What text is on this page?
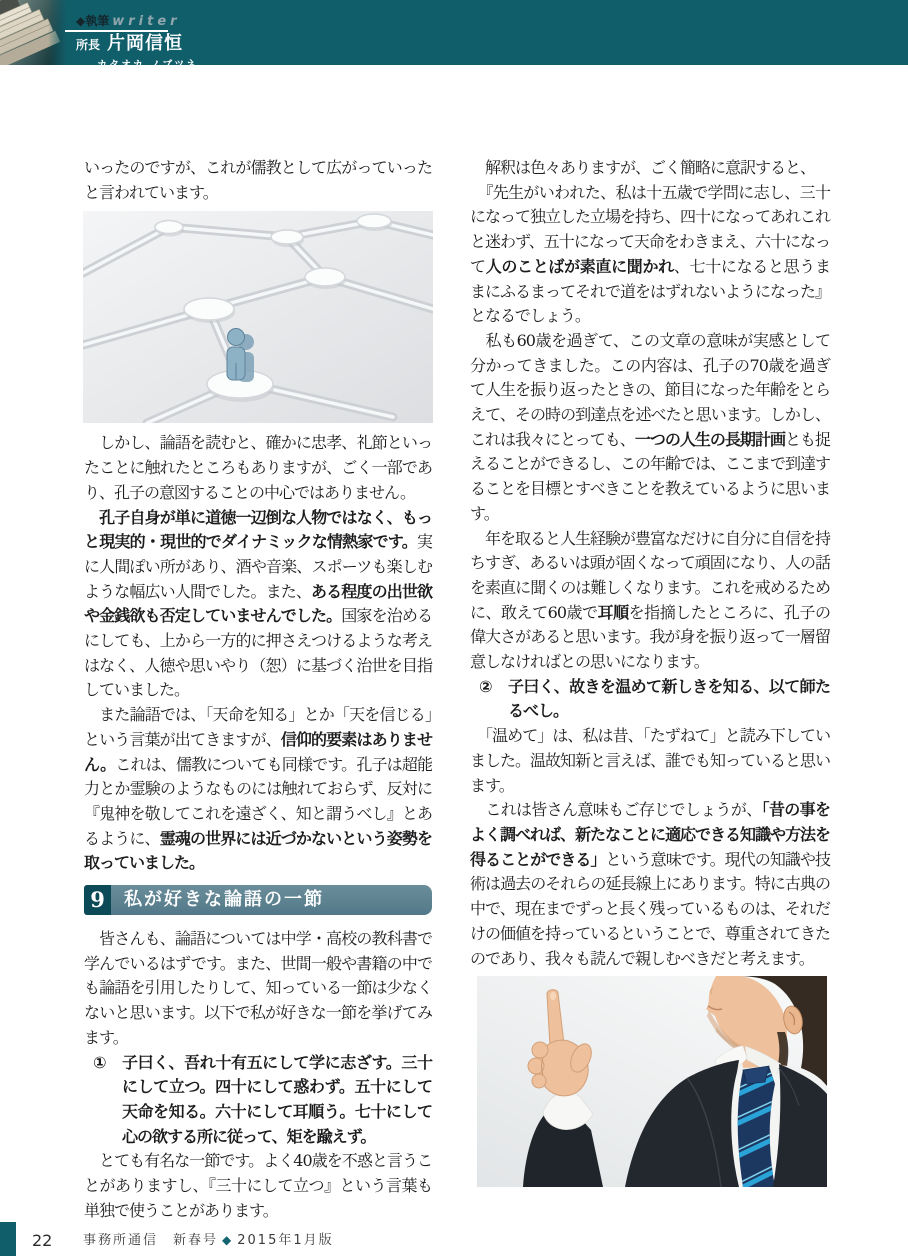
◆執筆 writer
所長 片岡信恒
カタオカ ノブツネ

いったのですが、これが儒教として広がっていったと言われています。

　しかし、論語を読むと、確かに忠孝、礼節といったことに触れたところもありますが、ごく一部であり、孔子の意図することの中心ではありません。

　孔子自身が単に道徳一辺倒な人物ではなく、もっと現実的・現世的でダイナミックな情熱家です。実に人間ぽい所があり、酒や音楽、スポーツも楽しむような幅広い人間でした。また、ある程度の出世欲や金銭欲も否定していませんでした。国家を治めるにしても、上から一方的に押さえつけるような考えはなく、人徳や思いやり（恕）に基づく治世を目指していました。

　また論語では、「天命を知る」とか「天を信じる」という言葉が出てきますが、信仰的要素はありません。これは、儒教についても同様です。孔子は超能力とか霊験のようなものには触れておらず、反対に『鬼神を敬してこれを遠ざく、知と謂うべし』とあるように、霊魂の世界には近づかないという姿勢を取っていました。

9	私が好きな論語の一節

　皆さんも、論語については中学・高校の教科書で学んでいるはずです。また、世間一般や書籍の中でも論語を引用したりして、知っている一節は少なくないと思います。以下で私が好きな一節を挙げてみます。

① 子曰く、吾れ十有五にして学に志ざす。三十にして立つ。四十にして惑わず。五十にして天命を知る。六十にして耳順う。七十にして心の欲する所に従って、矩を踰えず。

　とても有名な一節です。よく40歳を不惑と言うことがありますし、『三十にして立つ』という言葉も単独で使うことがあります。

　解釈は色々ありますが、ごく簡略に意訳すると、

　『先生がいわれた、私は十五歳で学問に志し、三十になって独立した立場を持ち、四十になってあれこれと迷わず、五十になって天命をわきまえ、六十になって人のことばが素直に聞かれ、七十になると思うままにふるまってそれで道をはずれないようになった』となるでしょう。

　私も60歳を過ぎて、この文章の意味が実感として分かってきました。この内容は、孔子の70歳を過ぎて人生を振り返ったときの、節目になった年齢をとらえて、その時の到達点を述べたと思います。しかし、これは我々にとっても、一つの人生の長期計画とも捉えることができるし、この年齢では、ここまで到達することを目標とすべきことを教えているように思います。

　年を取ると人生経験が豊富なだけに自分に自信を持ちすぎ、あるいは頭が固くなって頑固になり、人の話を素直に聞くのは難しくなります。これを戒めるために、敢えて60歳で耳順を指摘したところに、孔子の偉大さがあると思います。我が身を振り返って一層留意しなければとの思いになります。

② 子曰く、故きを温めて新しきを知る、以て師たるべし。

　「温めて」は、私は昔、「たずねて」と読み下していました。温故知新と言えば、誰でも知っていると思います。

　これは皆さん意味もご存じでしょうが、「昔の事をよく調べれば、新たなことに適応できる知識や方法を得ることができる」という意味です。現代の知識や技術は過去のそれらの延長線上にあります。特に古典の中で、現在までずっと長く残っているものは、それだけの価値を持っているということで、尊重されてきたのであり、我々も読んで親しむべきだと考えます。

22 事務所通信　新春号 ◆ 2015年1月版
